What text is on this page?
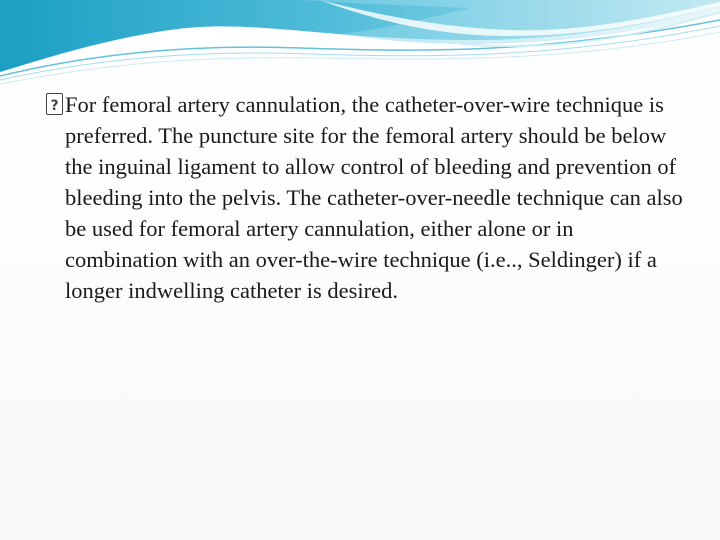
?
For femoral artery cannulation, the catheter-over-wire technique is preferred. The puncture site for the femoral artery should be below the inguinal ligament to allow control of bleeding and prevention of bleeding into the pelvis. The catheter-over-needle technique can also be used for femoral artery cannulation, either alone or in combination with an over-the-wire technique (i.e.., Seldinger) if a longer indwelling catheter is desired.
